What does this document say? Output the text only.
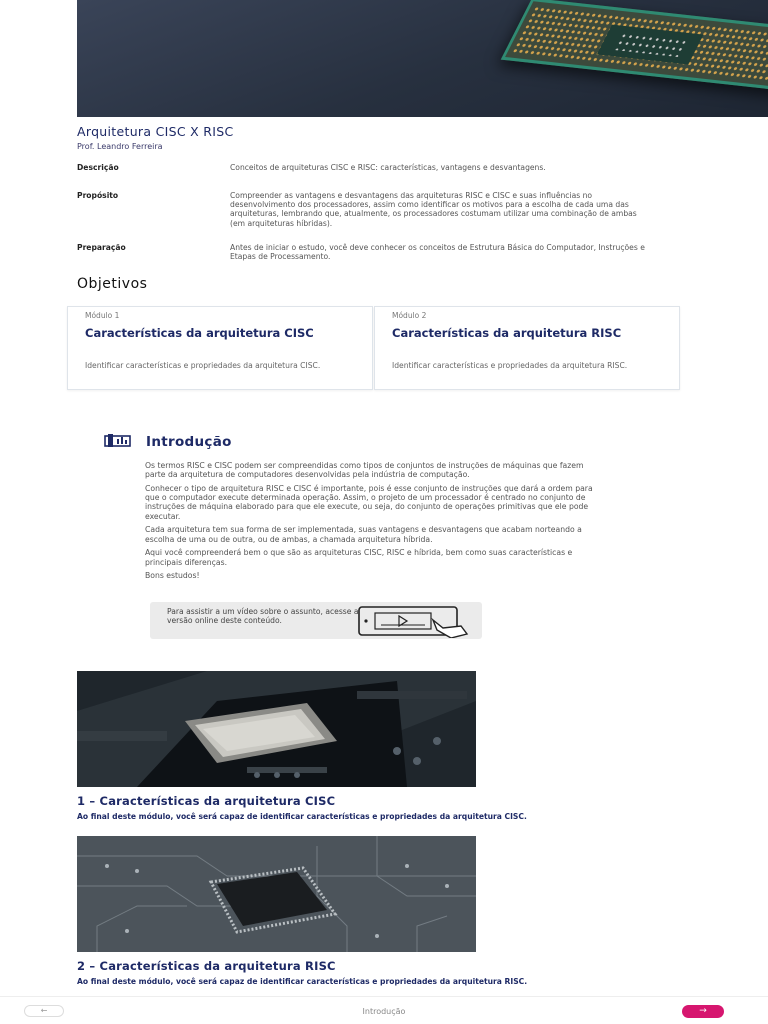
Arquitetura CISC X RISC
Prof. Leandro Ferreira
Descrição	Conceitos de arquiteturas CISC e RISC: características, vantagens e desvantagens.
Propósito	Compreender as vantagens e desvantagens das arquiteturas RISC e CISC e suas influências no desenvolvimento dos processadores, assim como identificar os motivos para a escolha de cada uma das arquiteturas, lembrando que, atualmente, os processadores costumam utilizar uma combinação de ambas (em arquiteturas híbridas).
Preparação	Antes de iniciar o estudo, você deve conhecer os conceitos de Estrutura Básica do Computador, Instruções e Etapas de Processamento.
Objetivos
Módulo 1
Características da arquitetura CISC
Identificar características e propriedades da arquitetura CISC.
Módulo 2
Características da arquitetura RISC
Identificar características e propriedades da arquitetura RISC.
Introdução

Os termos RISC e CISC podem ser compreendidas como tipos de conjuntos de instruções de máquinas que fazem parte da arquitetura de computadores desenvolvidas pela indústria de computação.

Conhecer o tipo de arquitetura RISC e CISC é importante, pois é esse conjunto de instruções que dará a ordem para que o computador execute determinada operação. Assim, o projeto de um processador é centrado no conjunto de instruções de máquina elaborado para que ele execute, ou seja, do conjunto de operações primitivas que ele pode executar.

Cada arquitetura tem sua forma de ser implementada, suas vantagens e desvantagens que acabam norteando a escolha de uma ou de outra, ou de ambas, a chamada arquitetura híbrida.

Aqui você compreenderá bem o que são as arquiteturas CISC, RISC e híbrida, bem como suas características e principais diferenças.

Bons estudos!

Para assistir a um vídeo sobre o assunto, acesse a versão online deste conteúdo.
1 – Características da arquitetura CISC
Ao final deste módulo, você será capaz de identificar características e propriedades da arquitetura CISC.
2 – Características da arquitetura RISC
Ao final deste módulo, você será capaz de identificar características e propriedades da arquitetura RISC.
←	Introdução	→
